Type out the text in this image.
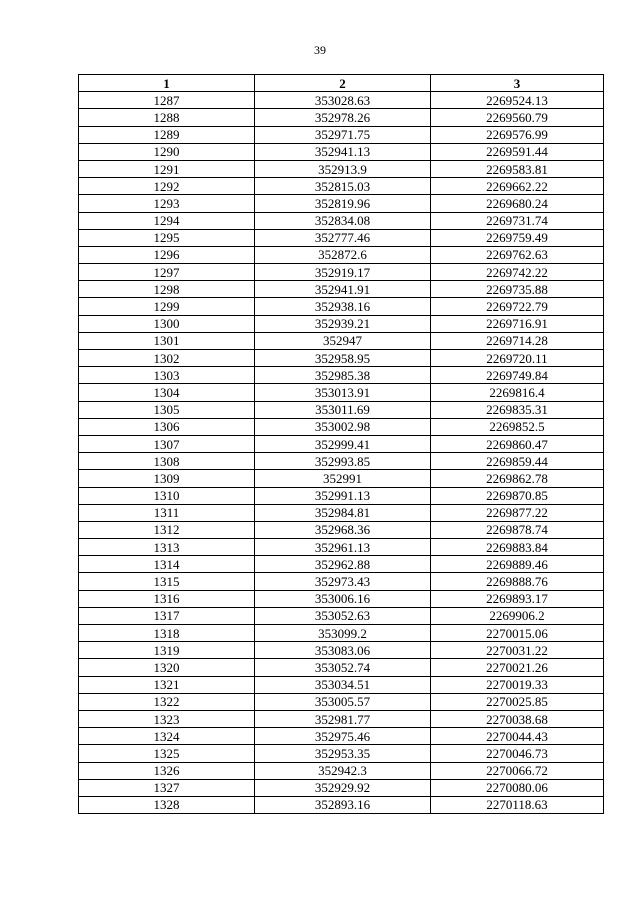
39
1	2	3
1287	353028.63	2269524.13
1288	352978.26	2269560.79
1289	352971.75	2269576.99
1290	352941.13	2269591.44
1291	352913.9	2269583.81
1292	352815.03	2269662.22
1293	352819.96	2269680.24
1294	352834.08	2269731.74
1295	352777.46	2269759.49
1296	352872.6	2269762.63
1297	352919.17	2269742.22
1298	352941.91	2269735.88
1299	352938.16	2269722.79
1300	352939.21	2269716.91
1301	352947	2269714.28
1302	352958.95	2269720.11
1303	352985.38	2269749.84
1304	353013.91	2269816.4
1305	353011.69	2269835.31
1306	353002.98	2269852.5
1307	352999.41	2269860.47
1308	352993.85	2269859.44
1309	352991	2269862.78
1310	352991.13	2269870.85
1311	352984.81	2269877.22
1312	352968.36	2269878.74
1313	352961.13	2269883.84
1314	352962.88	2269889.46
1315	352973.43	2269888.76
1316	353006.16	2269893.17
1317	353052.63	2269906.2
1318	353099.2	2270015.06
1319	353083.06	2270031.22
1320	353052.74	2270021.26
1321	353034.51	2270019.33
1322	353005.57	2270025.85
1323	352981.77	2270038.68
1324	352975.46	2270044.43
1325	352953.35	2270046.73
1326	352942.3	2270066.72
1327	352929.92	2270080.06
1328	352893.16	2270118.63
